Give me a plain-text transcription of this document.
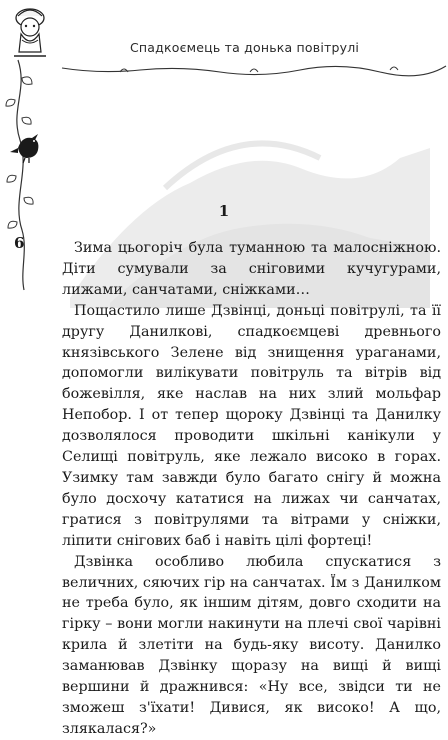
Спадкоємець та донька повітрулі
1
6	Зима цьогоріч була туманною та малосніжною. Діти сумували за сніговими кучугурами, лижами, санчатами, сніжками…

Пощастило лише Дзвінці, доньці повітрулі, та її другу Данилкові, спадкоємцеві древнього князівського Зелене від знищення ураганами, допомогли вилікувати повітруль та вітрів від божевілля, яке наслав на них злий мольфар Непобор. І от тепер щороку Дзвінці та Данилку дозволялося проводити шкільні канікули у Селищі повітруль, яке лежало високо в горах. Узимку там завжди було багато снігу й можна було досхочу кататися на лижах чи санчатах, гратися з повітрулями та вітрами у сніжки, ліпити снігових баб і навіть цілі фортеці!

Дзвінка особливо любила спускатися з величних, сяючих гір на санчатах. Їм з Данилком не треба було, як іншим дітям, довго сходити на гірку – вони могли накинути на плечі свої чарівні крила й злетіти на будь-яку висоту. Данилко заманював Дзвінку щоразу на вищі й вищі вершини й дражнився: «Ну все, звідси ти не зможеш з'їхати! Дивися, як високо! А що, злякалася?»
